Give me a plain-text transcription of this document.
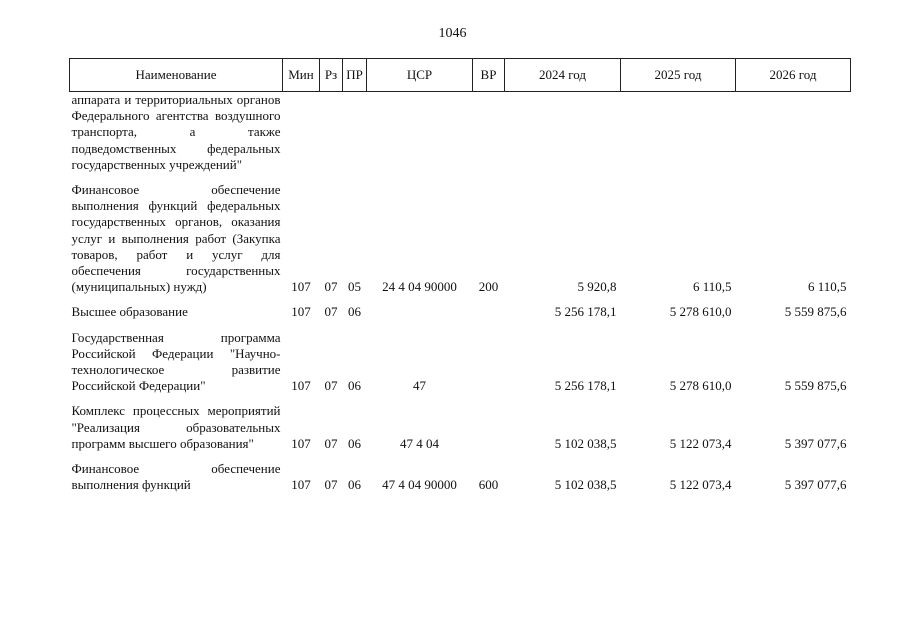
1046
Наименование	Мин	Рз	ПР	ЦСР	ВР	2024 год	2025 год	2026 год
аппарата и территориальных органов Федерального агентства воздушного транспорта, а также подведомственных федеральных государственных учреждений"								
Финансовое обеспечение выполнения функций федеральных государственных органов, оказания услуг и выполнения работ (Закупка товаров, работ и услуг для обеспечения государственных (муниципальных) нужд)	107	07	05	24 4 04 90000	200	5 920,8	6 110,5	6 110,5
Высшее образование	107	07	06			5 256 178,1	5 278 610,0	5 559 875,6
Государственная программа Российской Федерации "Научно-технологическое развитие Российской Федерации"	107	07	06	47		5 256 178,1	5 278 610,0	5 559 875,6
Комплекс процессных мероприятий "Реализация образовательных программ высшего образования"	107	07	06	47 4 04		5 102 038,5	5 122 073,4	5 397 077,6
Финансовое обеспечение выполнения функций	107	07	06	47 4 04 90000	600	5 102 038,5	5 122 073,4	5 397 077,6
